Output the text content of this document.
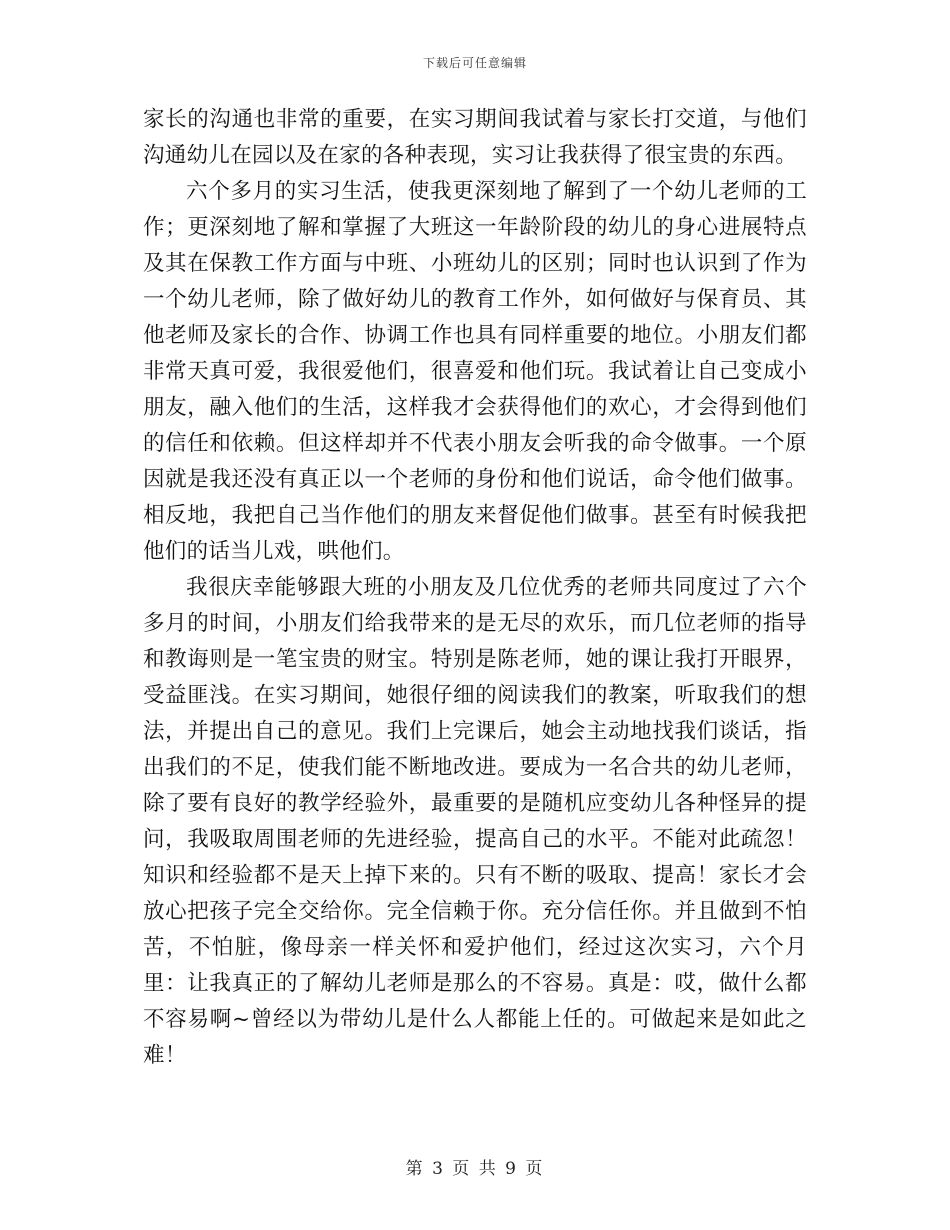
下载后可任意编辑

家长的沟通也非常的重要，在实习期间我试着与家长打交道，与他们沟通幼儿在园以及在家的各种表现，实习让我获得了很宝贵的东西。

六个多月的实习生活，使我更深刻地了解到了一个幼儿老师的工作；更深刻地了解和掌握了大班这一年龄阶段的幼儿的身心进展特点及其在保教工作方面与中班、小班幼儿的区别；同时也认识到了作为一个幼儿老师，除了做好幼儿的教育工作外，如何做好与保育员、其他老师及家长的合作、协调工作也具有同样重要的地位。小朋友们都非常天真可爱，我很爱他们，很喜爱和他们玩。我试着让自己变成小朋友，融入他们的生活，这样我才会获得他们的欢心，才会得到他们的信任和依赖。但这样却并不代表小朋友会听我的命令做事。一个原因就是我还没有真正以一个老师的身份和他们说话，命令他们做事。相反地，我把自己当作他们的朋友来督促他们做事。甚至有时候我把他们的话当儿戏，哄他们。

我很庆幸能够跟大班的小朋友及几位优秀的老师共同度过了六个多月的时间，小朋友们给我带来的是无尽的欢乐，而几位老师的指导和教诲则是一笔宝贵的财宝。特别是陈老师，她的课让我打开眼界，受益匪浅。在实习期间，她很仔细的阅读我们的教案，听取我们的想法，并提出自己的意见。我们上完课后，她会主动地找我们谈话，指出我们的不足，使我们能不断地改进。要成为一名合共的幼儿老师，除了要有良好的教学经验外，最重要的是随机应变幼儿各种怪异的提问，我吸取周围老师的先进经验，提高自己的水平。不能对此疏忽！知识和经验都不是天上掉下来的。只有不断的吸取、提高！家长才会放心把孩子完全交给你。完全信赖于你。充分信任你。并且做到不怕苦，不怕脏，像母亲一样关怀和爱护他们，经过这次实习，六个月里：让我真正的了解幼儿老师是那么的不容易。真是：哎，做什么都不容易啊~曾经以为带幼儿是什么人都能上任的。可做起来是如此之难！

第 3 页 共 9 页
